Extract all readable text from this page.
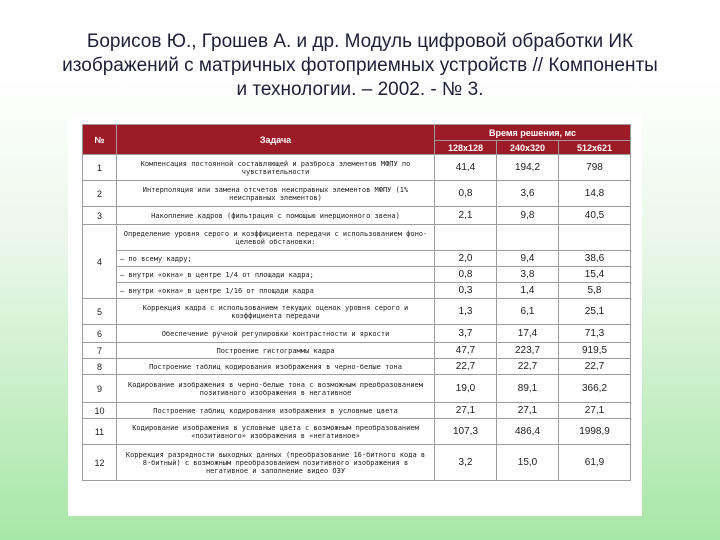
Борисов Ю., Грошев А. и др. Модуль цифровой обработки ИК
изображений с матричных фотоприемных устройств // Компоненты
и технологии. – 2002. - № 3.
№	Задача	Время решения, мс		
		128х128	240х320	512х621
1	Компенсация постоянной составляющей и разброса элементов МФПУ по чувствительности	41,4	194,2	798
2	Интерполяция или замена отсчетов неисправных элементов МФПУ (1% неисправных элементов)	0,8	3,6	14,8
3	Накопление кадров (фильтрация с помощью инерционного звена)	2,1	9,8	40,5
4	Определение уровня серого и коэффициента передачи с использованием фоно-целевой обстановки:			
	— по всему кадру;	2,0	9,4	38,6
	— внутри «окна» в центре 1/4 от площади кадра;	0,8	3,8	15,4
	— внутри «окна» в центре 1/16 от площади кадра	0,3	1,4	5,8
5	Коррекция кадра с использованием текущих оценок уровня серого и коэффициента передачи	1,3	6,1	25,1
6	Обеспечение ручной регулировки контрастности и яркости	3,7	17,4	71,3
7	Построение гистограммы кадра	47,7	223,7	919,5
8	Построение таблиц кодирования изображения в черно-белые тона	22,7	22,7	22,7
9	Кодирование изображения в черно-белые тона с возможным преобразованием позитивного изображения в негативное	19,0	89,1	366,2
10	Построение таблиц кодирования изображения в условные цвета	27,1	27,1	27,1
11	Кодирование изображения в условные цвета с возможным преобразованием «позитивного» изображения в «негативное»	107,3	486,4	1998,9
12	Коррекция разрядности выходных данных (преобразование 16-битного кода в 8-битный) с возможным преобразованием позитивного изображения в негативное и заполнение видео ОЗУ	3,2	15,0	61,9
